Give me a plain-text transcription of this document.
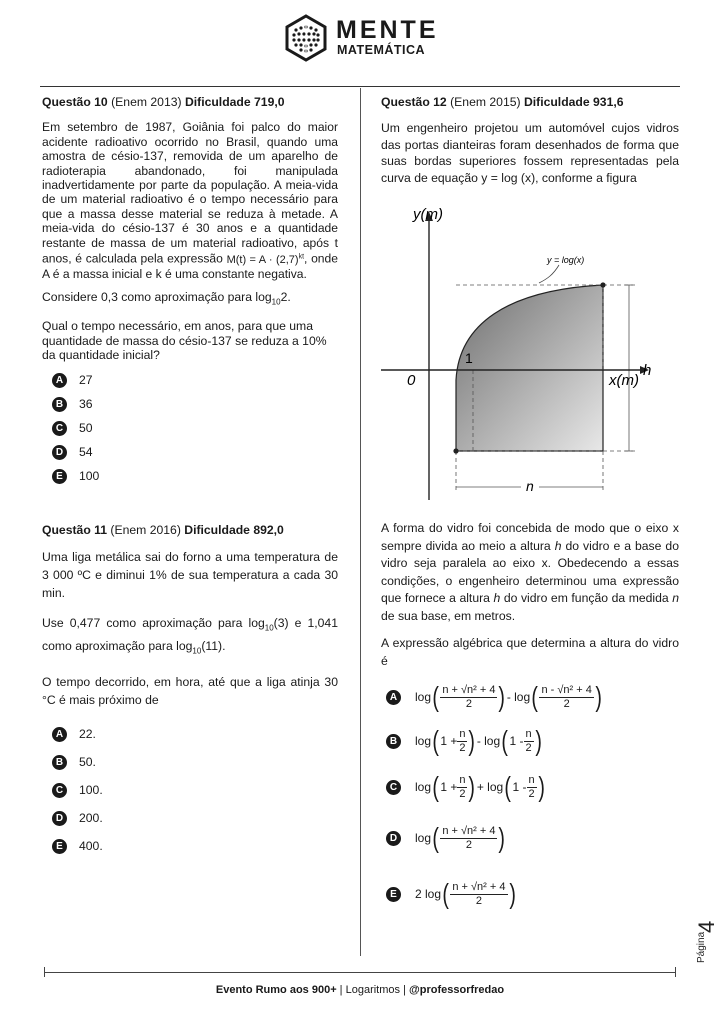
MENTE
MATEMÁTICA
Questão 10 (Enem 2013) Dificuldade 719,0

Em setembro de 1987, Goiânia foi palco do maior acidente radioativo ocorrido no Brasil, quando uma amostra de césio-137, removida de um aparelho de radioterapia abandonado, foi manipulada inadvertidamente por parte da população. A meia-vida de um material radioativo é o tempo necessário para que a massa desse material se reduza à metade. A meia-vida do césio-137 é 30 anos e a quantidade restante de massa de um material radioativo, após t anos, é calculada pela expressão $M(t) = A \cdot (2,7)^{kt}$, onde A é a massa inicial e k é uma constante negativa.

Considere 0,3 como aproximação para $\log_{10}2$.

Qual o tempo necessário, em anos, para que uma quantidade de massa do césio-137 se reduza a 10% da quantidade inicial?

A	27
B	36
C	50
D	54
E	100
Questão 11 (Enem 2016) Dificuldade 892,0

Uma liga metálica sai do forno a uma temperatura de 3 000 ºC e diminui 1% de sua temperatura a cada 30 min.

Use 0,477 como aproximação para $\log_{10}(3)$ e 1,041 como aproximação para $\log_{10}(11)$.

O tempo decorrido, em hora, até que a liga atinja 30 °C é mais próximo de

A	22.
B	50.
C	100.
D	200.
E	400.
Questão 12 (Enem 2015) Dificuldade 931,6

Um engenheiro projetou um automóvel cujos vidros das portas dianteiras foram desenhados de forma que suas bordas superiores fossem representadas pela curva de equação y = log (x), conforme a figura

y(m)
x(m)
h
y = log(x)
0
1
n

A forma do vidro foi concebida de modo que o eixo x sempre divida ao meio a altura h do vidro e a base do vidro seja paralela ao eixo x. Obedecendo a essas condições, o engenheiro determinou uma expressão que fornece a altura h do vidro em função da medida n de sua base, em metros.

A expressão algébrica que determina a altura do vidro é

A	log ( $\frac{\text{n + √n² + 4}}{2}$ ) - log ( $\frac{\text{n - √n² + 4}}{2}$ )
B	log ( $1 + \frac{n}{2}$ ) - log ( $1 - \frac{n}{2}$ )
C	log ( $1 + \frac{n}{2}$ ) + log ( $1 - \frac{n}{2}$ )
D	log ( $\frac{\text{n + √n² + 4}}{2}$ )
E	2 log ( $\frac{\text{n + √n² + 4}}{2}$ )
Página
4
Evento Rumo aos 900+ | Logaritmos | @professorfredao
